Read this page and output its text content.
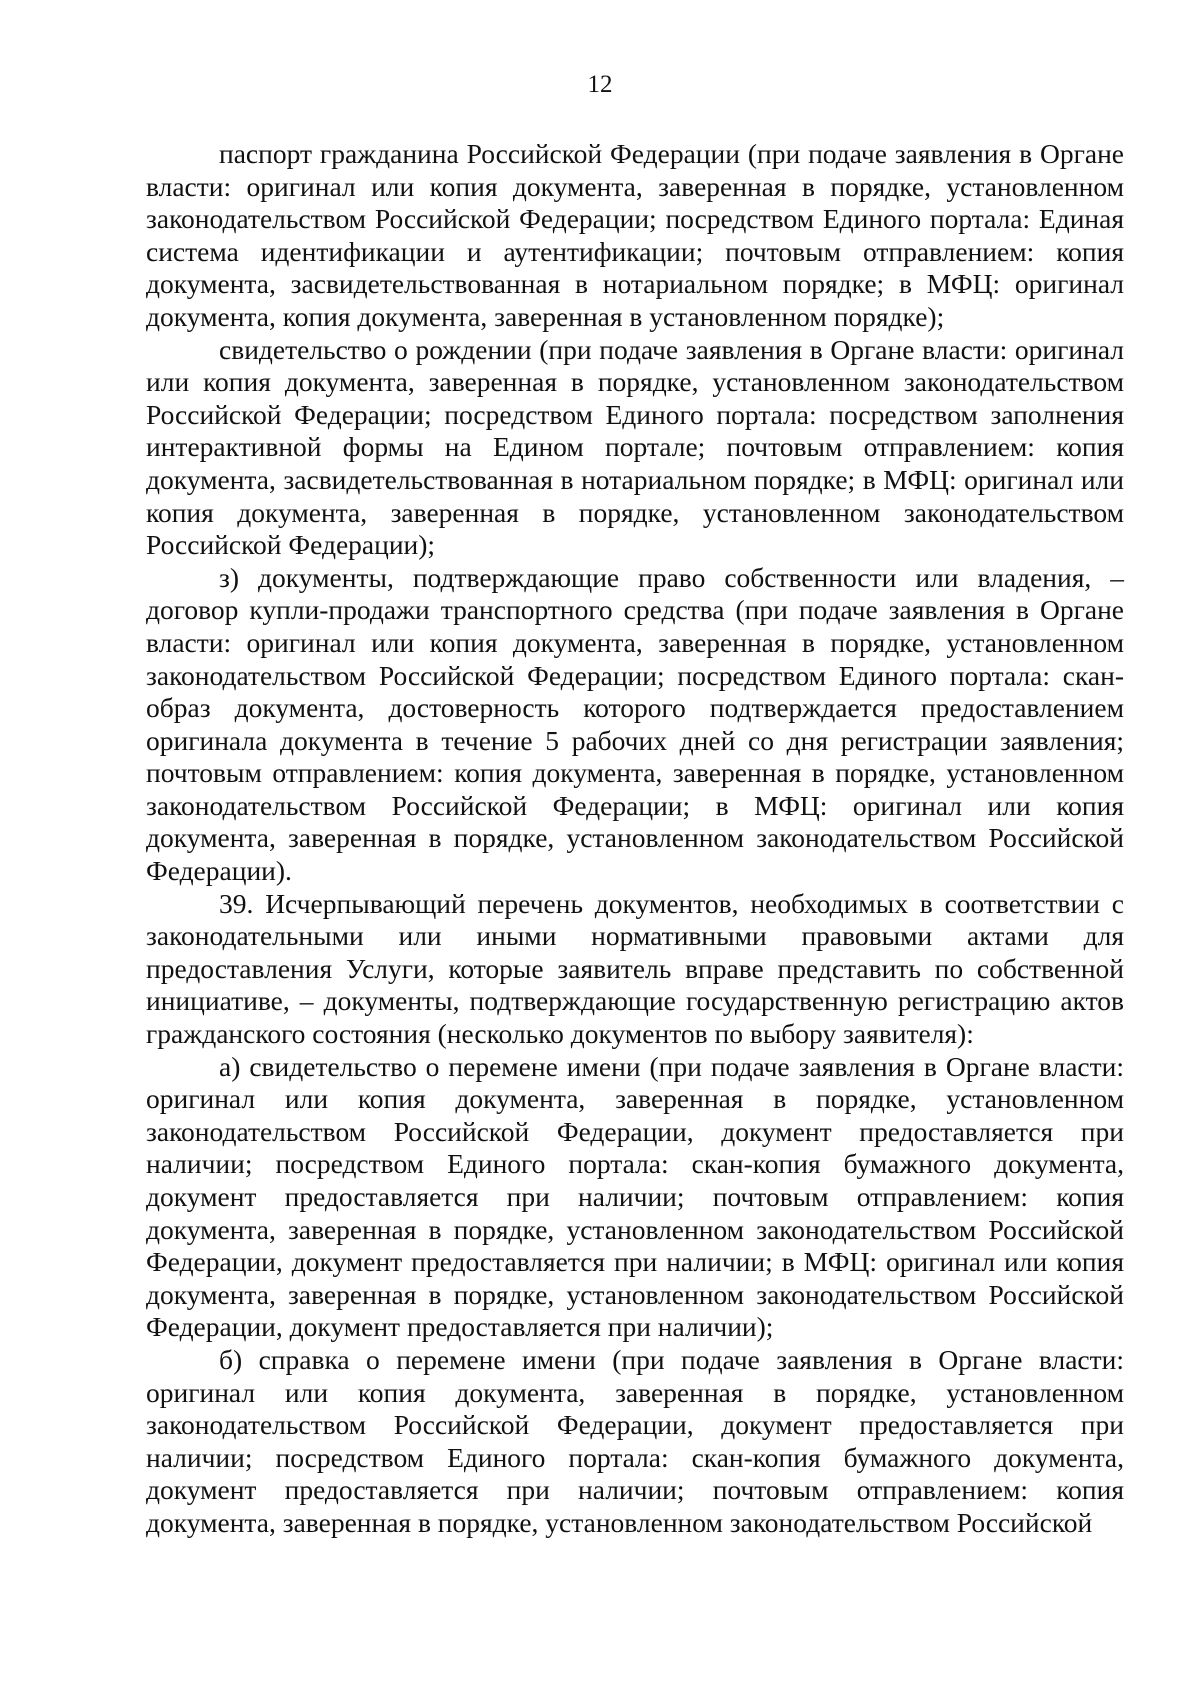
12

паспорт гражданина Российской Федерации (при подаче заявления в Органе власти: оригинал или копия документа, заверенная в порядке, установленном законодательством Российской Федерации; посредством Единого портала: Единая система идентификации и аутентификации; почтовым отправлением: копия документа, засвидетельствованная в нотариальном порядке; в МФЦ: оригинал документа, копия документа, заверенная в установленном порядке);

свидетельство о рождении (при подаче заявления в Органе власти: оригинал или копия документа, заверенная в порядке, установленном законодательством Российской Федерации; посредством Единого портала: посредством заполнения интерактивной формы на Едином портале; почтовым отправлением: копия документа, засвидетельствованная в нотариальном порядке; в МФЦ: оригинал или копия документа, заверенная в порядке, установленном законодательством Российской Федерации);

з) документы, подтверждающие право собственности или владения, – договор купли-продажи транспортного средства (при подаче заявления в Органе власти: оригинал или копия документа, заверенная в порядке, установленном законодательством Российской Федерации; посредством Единого портала: скан-образ документа, достоверность которого подтверждается предоставлением оригинала документа в течение 5 рабочих дней со дня регистрации заявления; почтовым отправлением: копия документа, заверенная в порядке, установленном законодательством Российской Федерации; в МФЦ: оригинал или копия документа, заверенная в порядке, установленном законодательством Российской Федерации).

39. Исчерпывающий перечень документов, необходимых в соответствии с законодательными или иными нормативными правовыми актами для предоставления Услуги, которые заявитель вправе представить по собственной инициативе, – документы, подтверждающие государственную регистрацию актов гражданского состояния (несколько документов по выбору заявителя):

а) свидетельство о перемене имени (при подаче заявления в Органе власти: оригинал или копия документа, заверенная в порядке, установленном законодательством Российской Федерации, документ предоставляется при наличии; посредством Единого портала: скан-копия бумажного документа, документ предоставляется при наличии; почтовым отправлением: копия документа, заверенная в порядке, установленном законодательством Российской Федерации, документ предоставляется при наличии; в МФЦ: оригинал или копия документа, заверенная в порядке, установленном законодательством Российской Федерации, документ предоставляется при наличии);

б) справка о перемене имени (при подаче заявления в Органе власти: оригинал или копия документа, заверенная в порядке, установленном законодательством Российской Федерации, документ предоставляется при наличии; посредством Единого портала: скан-копия бумажного документа, документ предоставляется при наличии; почтовым отправлением: копия документа, заверенная в порядке, установленном законодательством Российской
